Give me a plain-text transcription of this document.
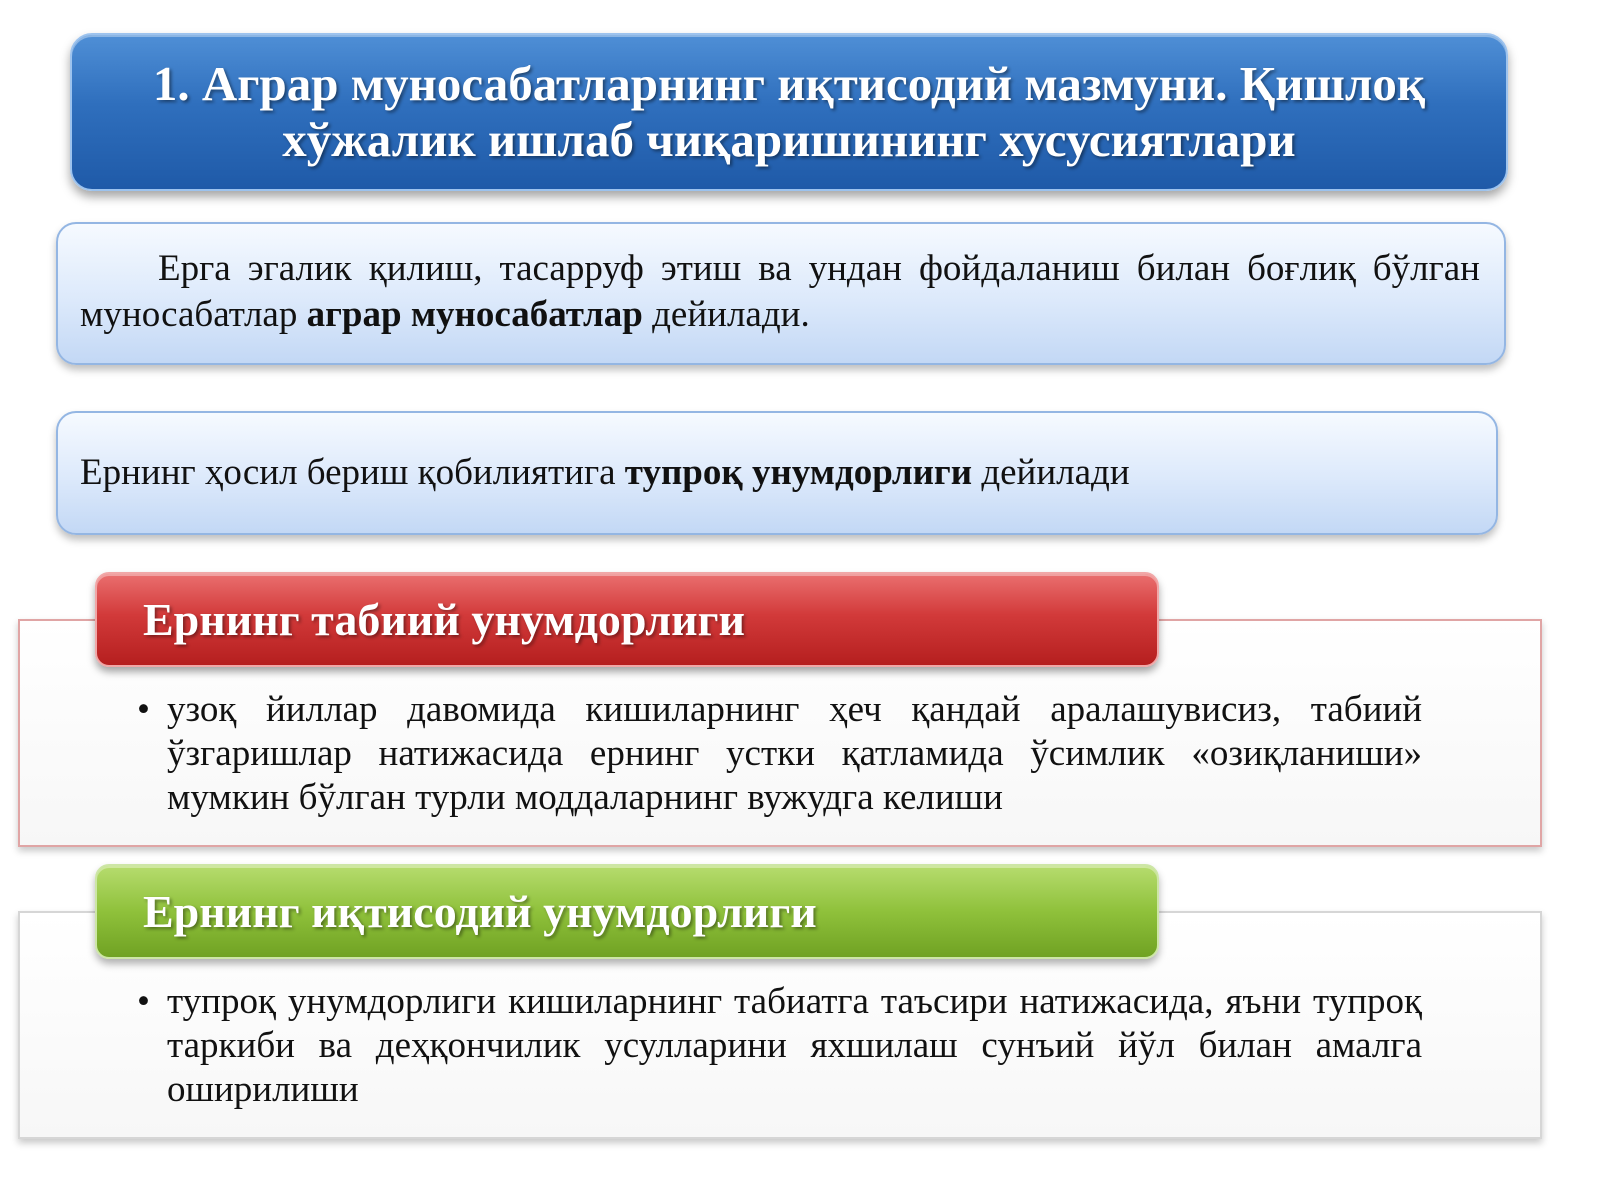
1. Аграр муносабатларнинг иқтисодий мазмуни. Қишлоқ хўжалик ишлаб чиқаришининг хусусиятлари

Ерга эгалик қилиш, тасарруф этиш ва ундан фойдаланиш билан боғлиқ бўлган муносабатлар аграр муносабатлар дейилади.

Ернинг ҳосил бериш қобилиятига тупроқ унумдорлиги дейилади

Ернинг табиий унумдорлиги
• узоқ йиллар давомида кишиларнинг ҳеч қандай аралашувисиз, табиий ўзгаришлар натижасида ернинг устки қатламида ўсимлик «озиқланиши» мумкин бўлган турли моддаларнинг вужудга келиши

Ернинг иқтисодий унумдорлиги
• тупроқ унумдорлиги кишиларнинг табиатга таъсири натижасида, яъни тупроқ таркиби ва деҳқончилик усулларини яхшилаш сунъий йўл билан амалга оширилиши
